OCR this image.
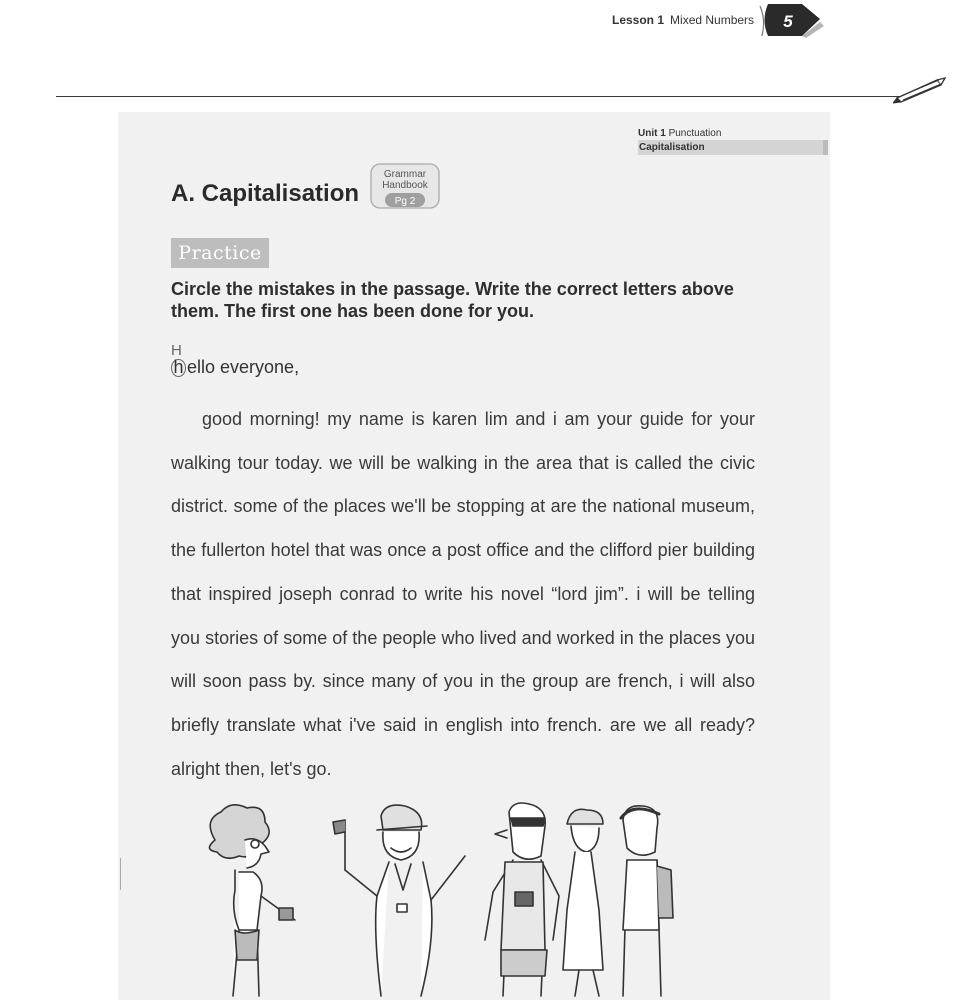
Lesson 1 Mixed Numbers 5
Unit 1 Punctuation
Capitalisation
A. Capitalisation
Grammar
Handbook
Pg 2
Practice
Circle the mistakes in the passage. Write the correct letters above them. The first one has been done for you.
H
h ello everyone,
good morning! my name is karen lim and i am your guide for your walking tour today. we will be walking in the area that is called the civic district. some of the places we'll be stopping at are the national museum, the fullerton hotel that was once a post office and the clifford pier building that inspired joseph conrad to write his novel “lord jim”. i will be telling you stories of some of the people who lived and worked in the places you will soon pass by. since many of you in the group are french, i will also briefly translate what i've said in english into french. are we all ready? alright then, let's go.
